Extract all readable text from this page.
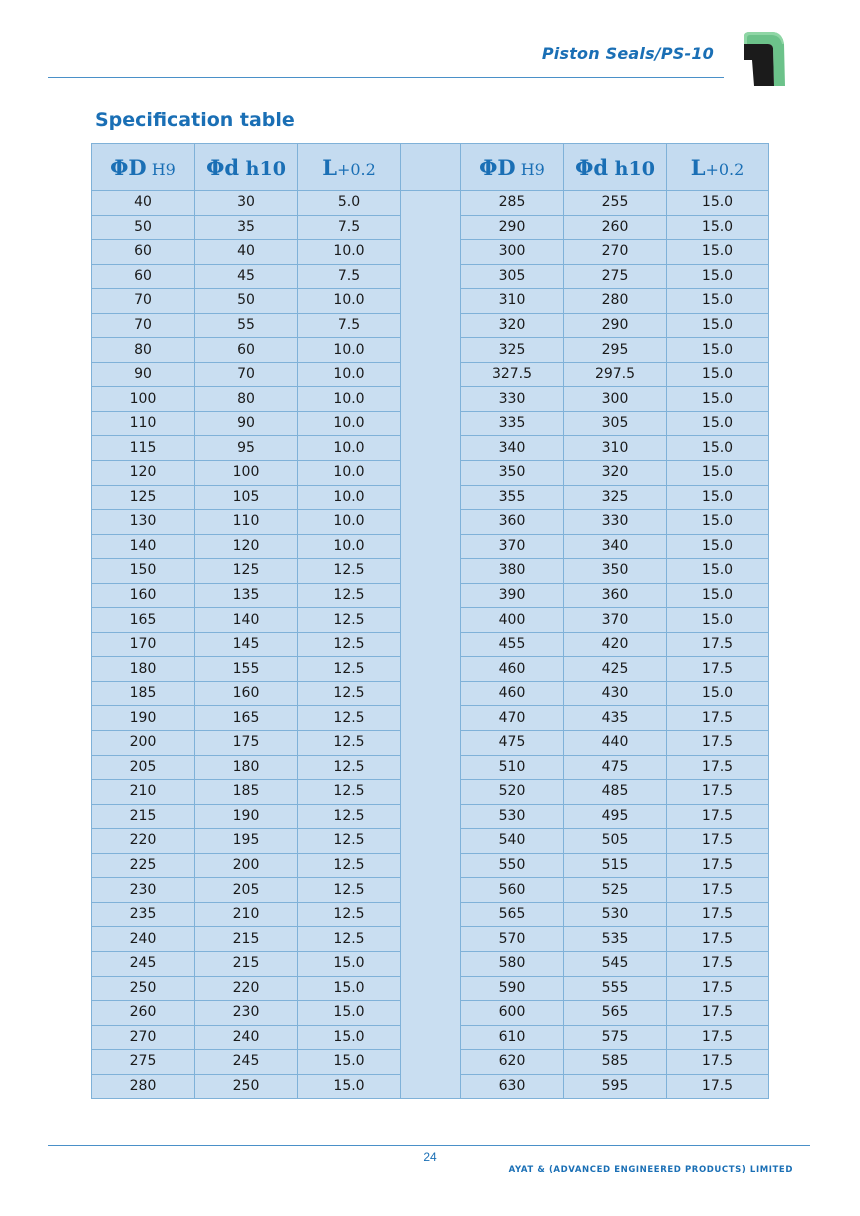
Piston Seals/PS-10
Specification table
ΦD H9	Φd h10	L+0.2		ΦD H9	Φd h10	L+0.2
40	30	5.0		285	255	15.0
50	35	7.5		290	260	15.0
60	40	10.0		300	270	15.0
60	45	7.5		305	275	15.0
70	50	10.0		310	280	15.0
70	55	7.5		320	290	15.0
80	60	10.0		325	295	15.0
90	70	10.0		327.5	297.5	15.0
100	80	10.0		330	300	15.0
110	90	10.0		335	305	15.0
115	95	10.0		340	310	15.0
120	100	10.0		350	320	15.0
125	105	10.0		355	325	15.0
130	110	10.0		360	330	15.0
140	120	10.0		370	340	15.0
150	125	12.5		380	350	15.0
160	135	12.5		390	360	15.0
165	140	12.5		400	370	15.0
170	145	12.5		455	420	17.5
180	155	12.5		460	425	17.5
185	160	12.5		460	430	15.0
190	165	12.5		470	435	17.5
200	175	12.5		475	440	17.5
205	180	12.5		510	475	17.5
210	185	12.5		520	485	17.5
215	190	12.5		530	495	17.5
220	195	12.5		540	505	17.5
225	200	12.5		550	515	17.5
230	205	12.5		560	525	17.5
235	210	12.5		565	530	17.5
240	215	12.5		570	535	17.5
245	215	15.0		580	545	17.5
250	220	15.0		590	555	17.5
260	230	15.0		600	565	17.5
270	240	15.0		610	575	17.5
275	245	15.0		620	585	17.5
280	250	15.0		630	595	17.5
24
AYAT & (ADVANCED ENGINEERED PRODUCTS) LIMITED
